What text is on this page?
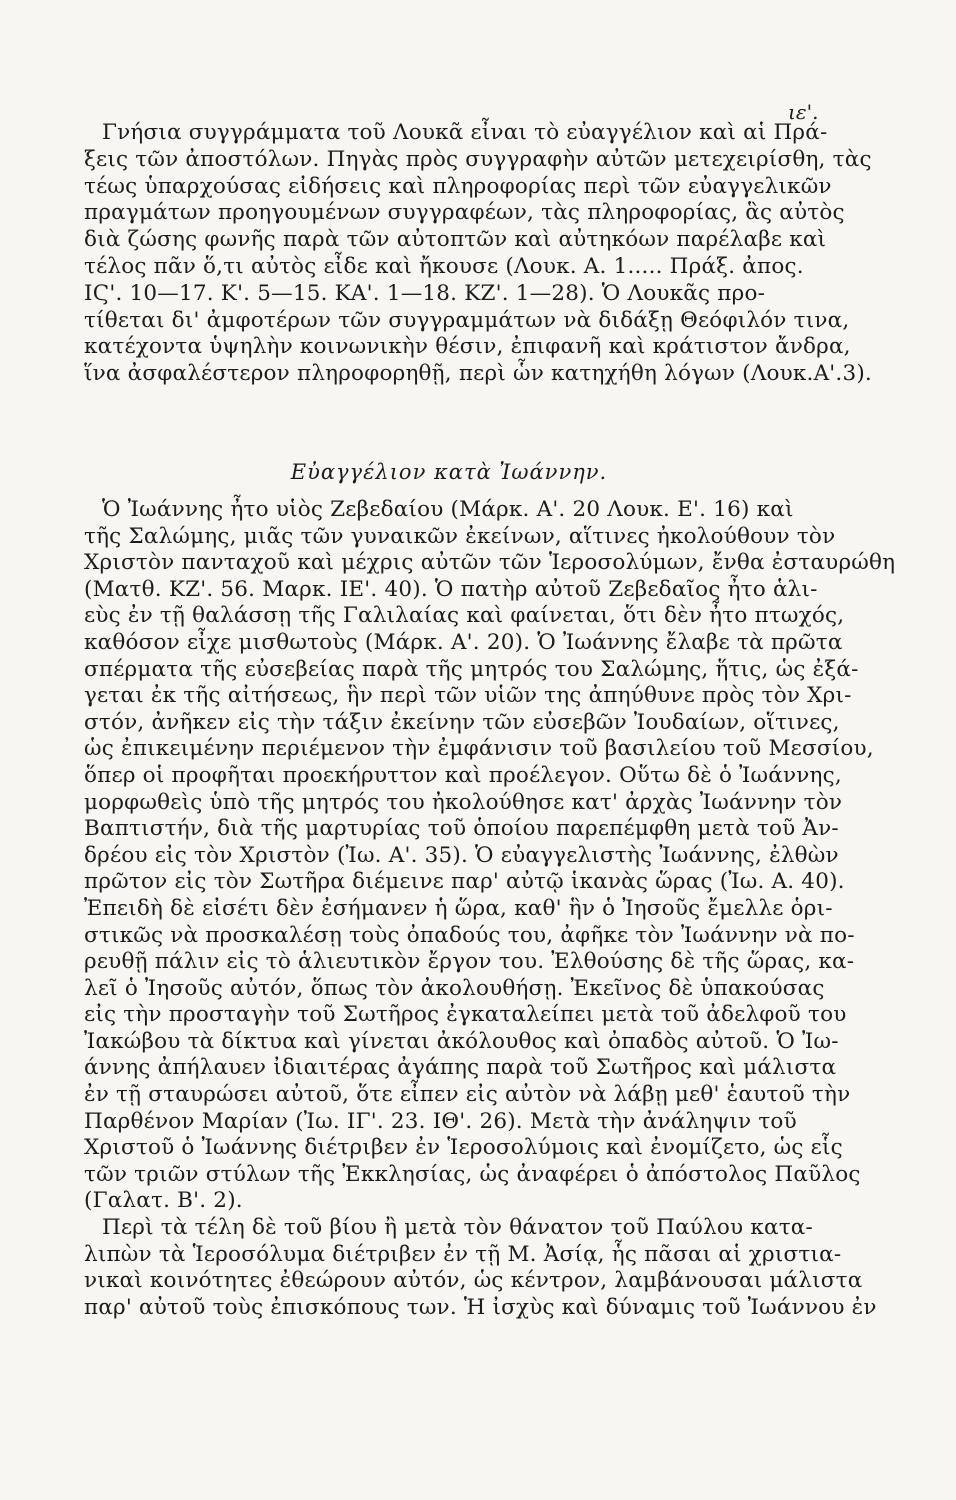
ιε'.
Γνήσια συγγράμματα τοῦ Λουκᾶ εἶναι τὸ εὐαγγέλιον καὶ αἱ Πρά-
ξεις τῶν ἀποστόλων. Πηγὰς πρὸς συγγραφὴν αὐτῶν μετεχειρίσθη, τὰς
τέως ὑπαρχούσας εἰδήσεις καὶ πληροφορίας περὶ τῶν εὐαγγελικῶν
πραγμάτων προηγουμένων συγγραφέων, τὰς πληροφορίας, ἃς αὐτὸς
διὰ ζώσης φωνῆς παρὰ τῶν αὐτοπτῶν καὶ αὐτηκόων παρέλαβε καὶ
τέλος πᾶν ὅ,τι αὐτὸς εἶδε καὶ ἤκουσε (Λουκ. Α. 1..... Πράξ. ἀπος.
ΙϚ'. 10—17. Κ'. 5—15. ΚΑ'. 1—18. ΚΖ'. 1—28). Ὁ Λουκᾶς προ-
τίθεται δι' ἀμφοτέρων τῶν συγγραμμάτων νὰ διδάξῃ Θεόφιλόν τινα,
κατέχοντα ὑψηλὴν κοινωνικὴν θέσιν, ἐπιφανῆ καὶ κράτιστον ἄνδρα,
ἵνα ἀσφαλέστερον πληροφορηθῇ, περὶ ὧν κατηχήθη λόγων (Λουκ.Α'.3).
Εὐαγγέλιον κατὰ Ἰωάννην.
Ὁ Ἰωάννης ἦτο υἱὸς Ζεβεδαίου (Μάρκ. Α'. 20 Λουκ. Ε'. 16) καὶ
τῆς Σαλώμης, μιᾶς τῶν γυναικῶν ἐκείνων, αἵτινες ἠκολούθουν τὸν
Χριστὸν πανταχοῦ καὶ μέχρις αὐτῶν τῶν Ἱεροσολύμων, ἔνθα ἐσταυρώθη
(Ματθ. ΚΖ'. 56. Μαρκ. ΙΕ'. 40). Ὁ πατὴρ αὐτοῦ Ζεβεδαῖος ἦτο ἁλι-
εὺς ἐν τῇ θαλάσσῃ τῆς Γαλιλαίας καὶ φαίνεται, ὅτι δὲν ἦτο πτωχός,
καθόσον εἶχε μισθωτοὺς (Μάρκ. Α'. 20). Ὁ Ἰωάννης ἔλαβε τὰ πρῶτα
σπέρματα τῆς εὐσεβείας παρὰ τῆς μητρός του Σαλώμης, ἥτις, ὡς ἐξά-
γεται ἐκ τῆς αἰτήσεως, ἣν περὶ τῶν υἱῶν της ἀπηύθυνε πρὸς τὸν Χρι-
στόν, ἀνῆκεν εἰς τὴν τάξιν ἐκείνην τῶν εὐσεβῶν Ἰουδαίων, οἵτινες,
ὡς ἐπικειμένην περιέμενον τὴν ἐμφάνισιν τοῦ βασιλείου τοῦ Μεσσίου,
ὅπερ οἱ προφῆται προεκήρυττον καὶ προέλεγον. Οὕτω δὲ ὁ Ἰωάννης,
μορφωθεὶς ὑπὸ τῆς μητρός του ἠκολούθησε κατ' ἀρχὰς Ἰωάννην τὸν
Βαπτιστήν, διὰ τῆς μαρτυρίας τοῦ ὁποίου παρεπέμφθη μετὰ τοῦ Ἀν-
δρέου εἰς τὸν Χριστὸν (Ἰω. Α'. 35). Ὁ εὐαγγελιστὴς Ἰωάννης, ἐλθὼν
πρῶτον εἰς τὸν Σωτῆρα διέμεινε παρ' αὐτῷ ἱκανὰς ὥρας (Ἰω. Α. 40).
Ἐπειδὴ δὲ εἰσέτι δὲν ἐσήμανεν ἡ ὥρα, καθ' ἣν ὁ Ἰησοῦς ἔμελλε ὁρι-
στικῶς νὰ προσκαλέσῃ τοὺς ὀπαδούς του, ἀφῆκε τὸν Ἰωάννην νὰ πο-
ρευθῇ πάλιν εἰς τὸ ἁλιευτικὸν ἔργον του. Ἐλθούσης δὲ τῆς ὥρας, κα-
λεῖ ὁ Ἰησοῦς αὐτόν, ὅπως τὸν ἀκολουθήσῃ. Ἐκεῖνος δὲ ὑπακούσας
εἰς τὴν προσταγὴν τοῦ Σωτῆρος ἐγκαταλείπει μετὰ τοῦ ἀδελφοῦ του
Ἰακώβου τὰ δίκτυα καὶ γίνεται ἀκόλουθος καὶ ὀπαδὸς αὐτοῦ. Ὁ Ἰω-
άννης ἀπήλαυεν ἰδιαιτέρας ἀγάπης παρὰ τοῦ Σωτῆρος καὶ μάλιστα
ἐν τῇ σταυρώσει αὐτοῦ, ὅτε εἶπεν εἰς αὐτὸν νὰ λάβῃ μεθ' ἑαυτοῦ τὴν
Παρθένον Μαρίαν (Ἰω. ΙΓ'. 23. ΙΘ'. 26). Μετὰ τὴν ἀνάληψιν τοῦ
Χριστοῦ ὁ Ἰωάννης διέτριβεν ἐν Ἱεροσολύμοις καὶ ἐνομίζετο, ὡς εἷς
τῶν τριῶν στύλων τῆς Ἐκκλησίας, ὡς ἀναφέρει ὁ ἀπόστολος Παῦλος
(Γαλατ. Β'. 2).
Περὶ τὰ τέλη δὲ τοῦ βίου ἢ μετὰ τὸν θάνατον τοῦ Παύλου κατα-
λιπὼν τὰ Ἱεροσόλυμα διέτριβεν ἐν τῇ Μ. Ἀσίᾳ, ἧς πᾶσαι αἱ χριστια-
νικαὶ κοινότητες ἐθεώρουν αὐτόν, ὡς κέντρον, λαμβάνουσαι μάλιστα
παρ' αὐτοῦ τοὺς ἐπισκόπους των. Ἡ ἰσχὺς καὶ δύναμις τοῦ Ἰωάννου ἐν
